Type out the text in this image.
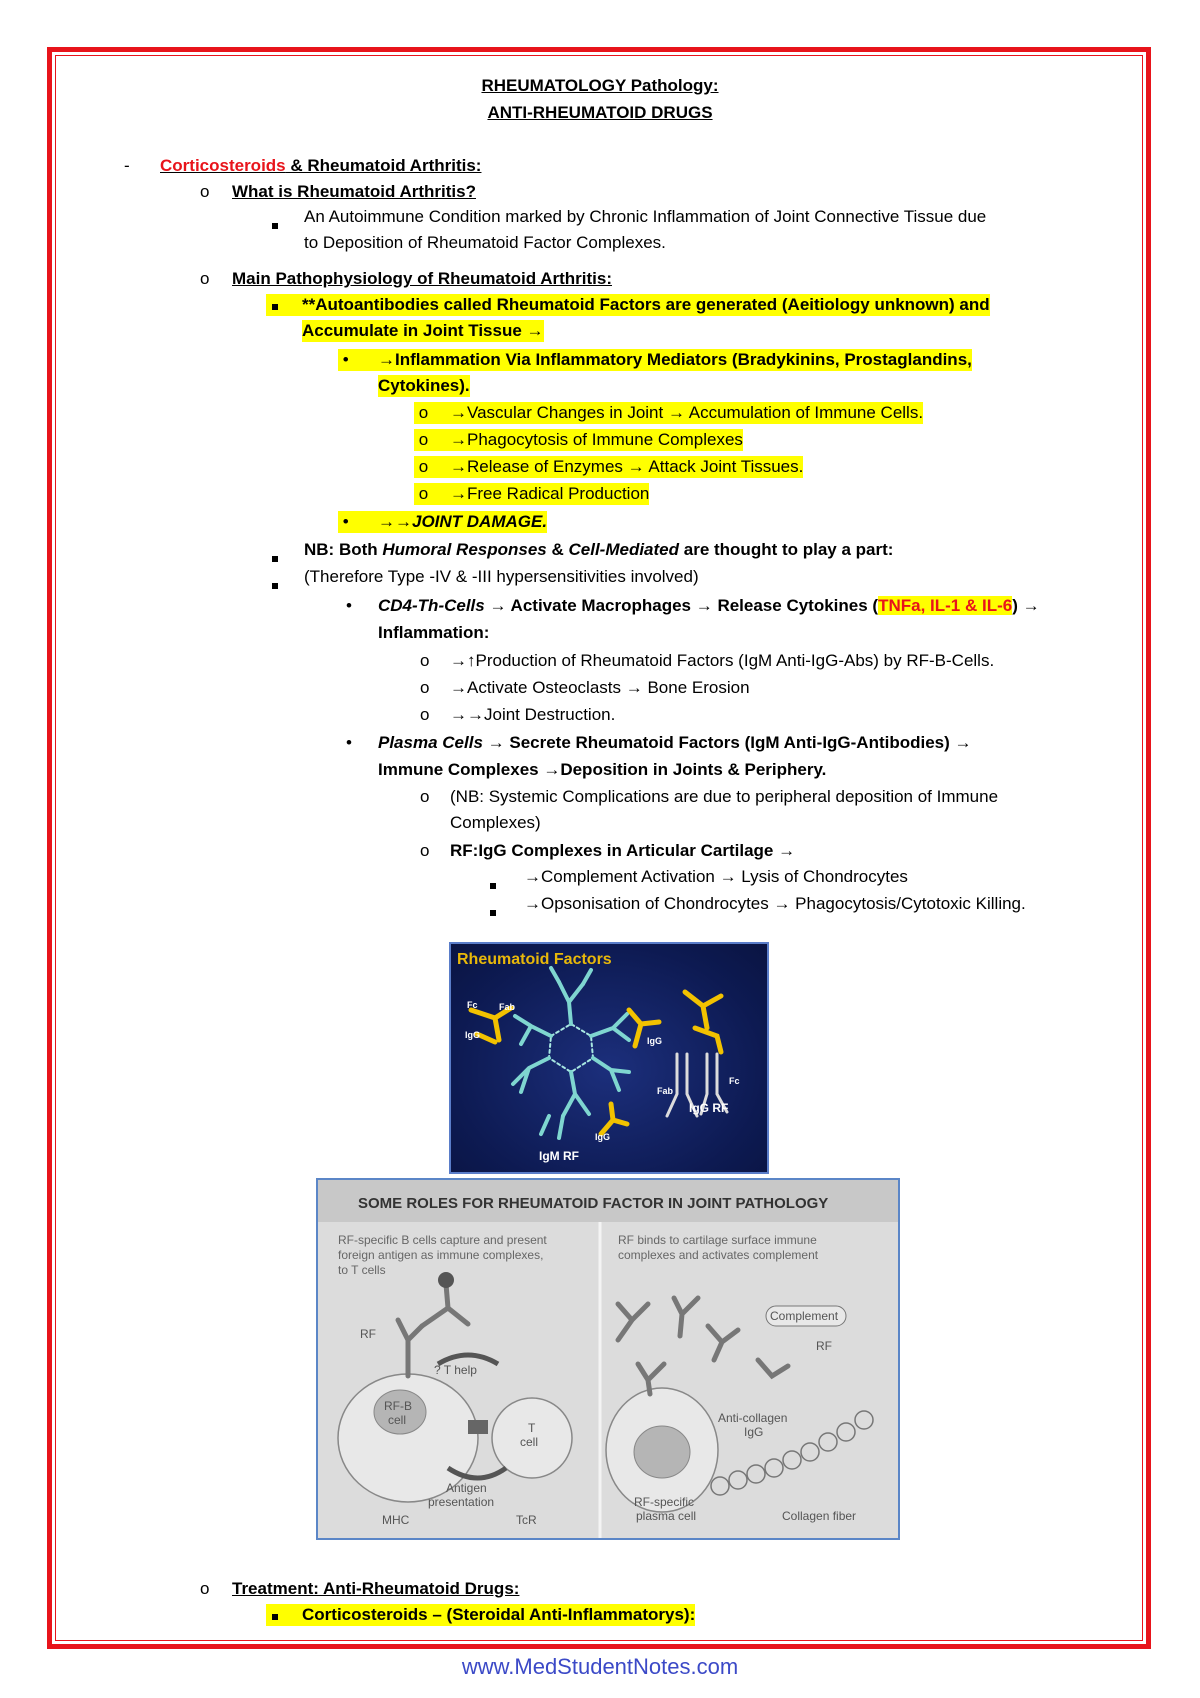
RHEUMATOLOGY Pathology:
ANTI-RHEUMATOID DRUGS
- Corticosteroids & Rheumatoid Arthritis:
o What is Rheumatoid Arthritis?
An Autoimmune Condition marked by Chronic Inflammation of Joint Connective Tissue due
to Deposition of Rheumatoid Factor Complexes.
o Main Pathophysiology of Rheumatoid Arthritis:
**Autoantibodies called Rheumatoid Factors are generated (Aeitiology unknown) and
Accumulate in Joint Tissue →
•	→Inflammation Via Inflammatory Mediators (Bradykinins, Prostaglandins,
Cytokines).
o	→Vascular Changes in Joint → Accumulation of Immune Cells.
o	→Phagocytosis of Immune Complexes
o	→Release of Enzymes → Attack Joint Tissues.
o	→Free Radical Production
•	→→JOINT DAMAGE.
NB: Both Humoral Responses & Cell-Mediated are thought to play a part:
(Therefore Type -IV & -III hypersensitivities involved)
• CD4-Th-Cells → Activate Macrophages → Release Cytokines (TNFa, IL-1 & IL-6) →
Inflammation:
o →↑Production of Rheumatoid Factors (IgM Anti-IgG-Abs) by RF-B-Cells.
o →Activate Osteoclasts → Bone Erosion
o →→Joint Destruction.
• Plasma Cells → Secrete Rheumatoid Factors (IgM Anti-IgG-Antibodies) →
Immune Complexes →Deposition in Joints & Periphery.
o (NB: Systemic Complications are due to peripheral deposition of Immune
Complexes)
o RF:IgG Complexes in Articular Cartilage →
→Complement Activation → Lysis of Chondrocytes
→Opsonisation of Chondrocytes → Phagocytosis/Cytotoxic Killing.
Rheumatoid Factors
Fc Fab
IgG
IgG
IgG
IgM RF
IgG RF
Fab
Fc
SOME ROLES FOR RHEUMATOID FACTOR IN JOINT PATHOLOGY
RF-specific B cells capture and present
foreign antigen as immune complexes,
to T cells
RF binds to cartilage surface immune
complexes and activates complement
RF
? T help
RF-B
cell
T
cell
Antigen
presentation
MHC	TcR
Complement
RF
Anti-collagen
IgG
RF-specific
plasma cell	Collagen fiber
o Treatment: Anti-Rheumatoid Drugs:
Corticosteroids – (Steroidal Anti-Inflammatorys):
www.MedStudentNotes.com
